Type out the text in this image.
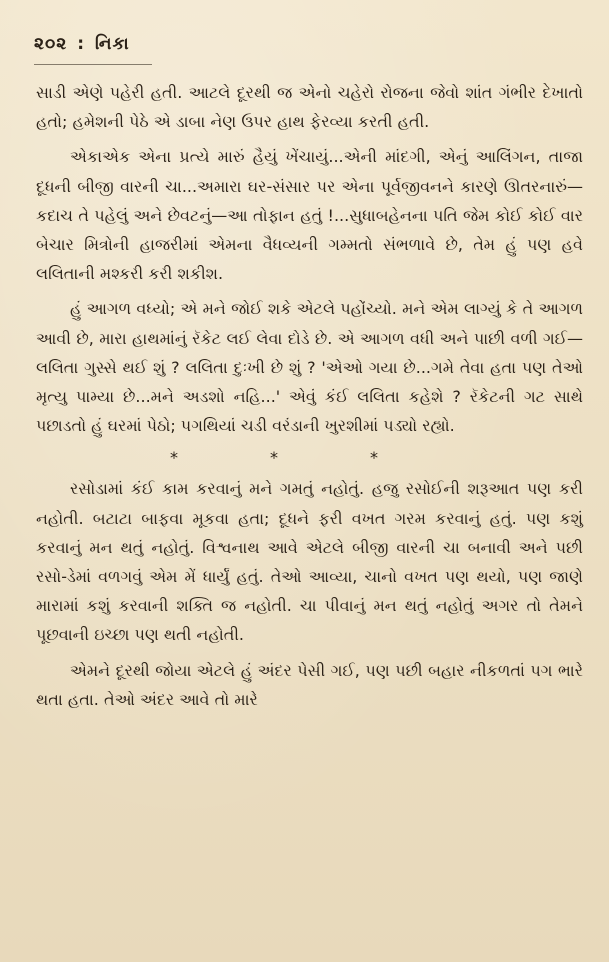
૨૦૨ : નિકા

સાડી એણે પહેરી હતી. આટલે દૂરથી જ એનો ચહેરો રોજના જેવો શાંત ગંભીર દેખાતો હતો; હમેશની પેઠે એ ડાબા નેણ ઉપર હાથ ફેરવ્યા કરતી હતી.

એકાએક એના પ્રત્યે મારું હૈયું ખેંચાયું...એની માંદગી, એનું આલિંગન, તાજા દૂધની બીજી વારની ચા...અમારા ઘર-સંસાર પર એના પૂર્વજીવનને કારણે ઊતરનારું—કદાચ તે પહેલું અને છેવટનું—આ તોફાન હતું !...સુધાબહેનના પતિ જેમ કોઈ કોઈ વાર બેચાર મિત્રોની હાજરીમાં એમના વૈધવ્યની ગમ્મતો સંભળાવે છે, તેમ હું પણ હવે લલિતાની મશ્કરી કરી શકીશ.

હું આગળ વધ્યો; એ મને જોઈ શકે એટલે પહોંચ્યો. મને એમ લાગ્યું કે તે આગળ આવી છે, મારા હાથમાંનું રૅકેટ લઈ લેવા દોડે છે. એ આગળ વધી અને પાછી વળી ગઈ—લલિતા ગુસ્સે થઈ શું ? લલિતા દુઃખી છે શું ? 'એઓ ગયા છે...ગમે તેવા હતા પણ તેઓ મૃત્યુ પામ્યા છે...મને અડશો નહિ...' એવું કંઈ લલિતા કહેશે ? રૅકેટની ગટ સાથે પછાડતો હું ઘરમાં પેઠો; પગથિયાં ચડી વરંડાની ખુરશીમાં પડ્યો રહ્યો.

*	*	*

રસોડામાં કંઈ કામ કરવાનું મને ગમતું નહોતું. હજુ રસોઈની શરૂઆત પણ કરી નહોતી. બટાટા બાફવા મૂકવા હતા; દૂધને ફરી વખત ગરમ કરવાનું હતું. પણ કશું કરવાનું મન થતું નહોતું. વિશ્વનાથ આવે એટલે બીજી વારની ચા બનાવી અને પછી રસો-ડેમાં વળગવું એમ મેં ધાર્યું હતું. તેઓ આવ્યા, ચાનો વખત પણ થયો, પણ જાણે મારામાં કશું કરવાની શક્તિ જ નહોતી. ચા પીવાનું મન થતું નહોતું અગર તો તેમને પૂછવાની ઇચ્છા પણ થતી નહોતી.

એમને દૂરથી જોયા એટલે હું અંદર પેસી ગઈ, પણ પછી બહાર નીકળતાં પગ ભારે થતા હતા. તેઓ અંદર આવે તો મારે
